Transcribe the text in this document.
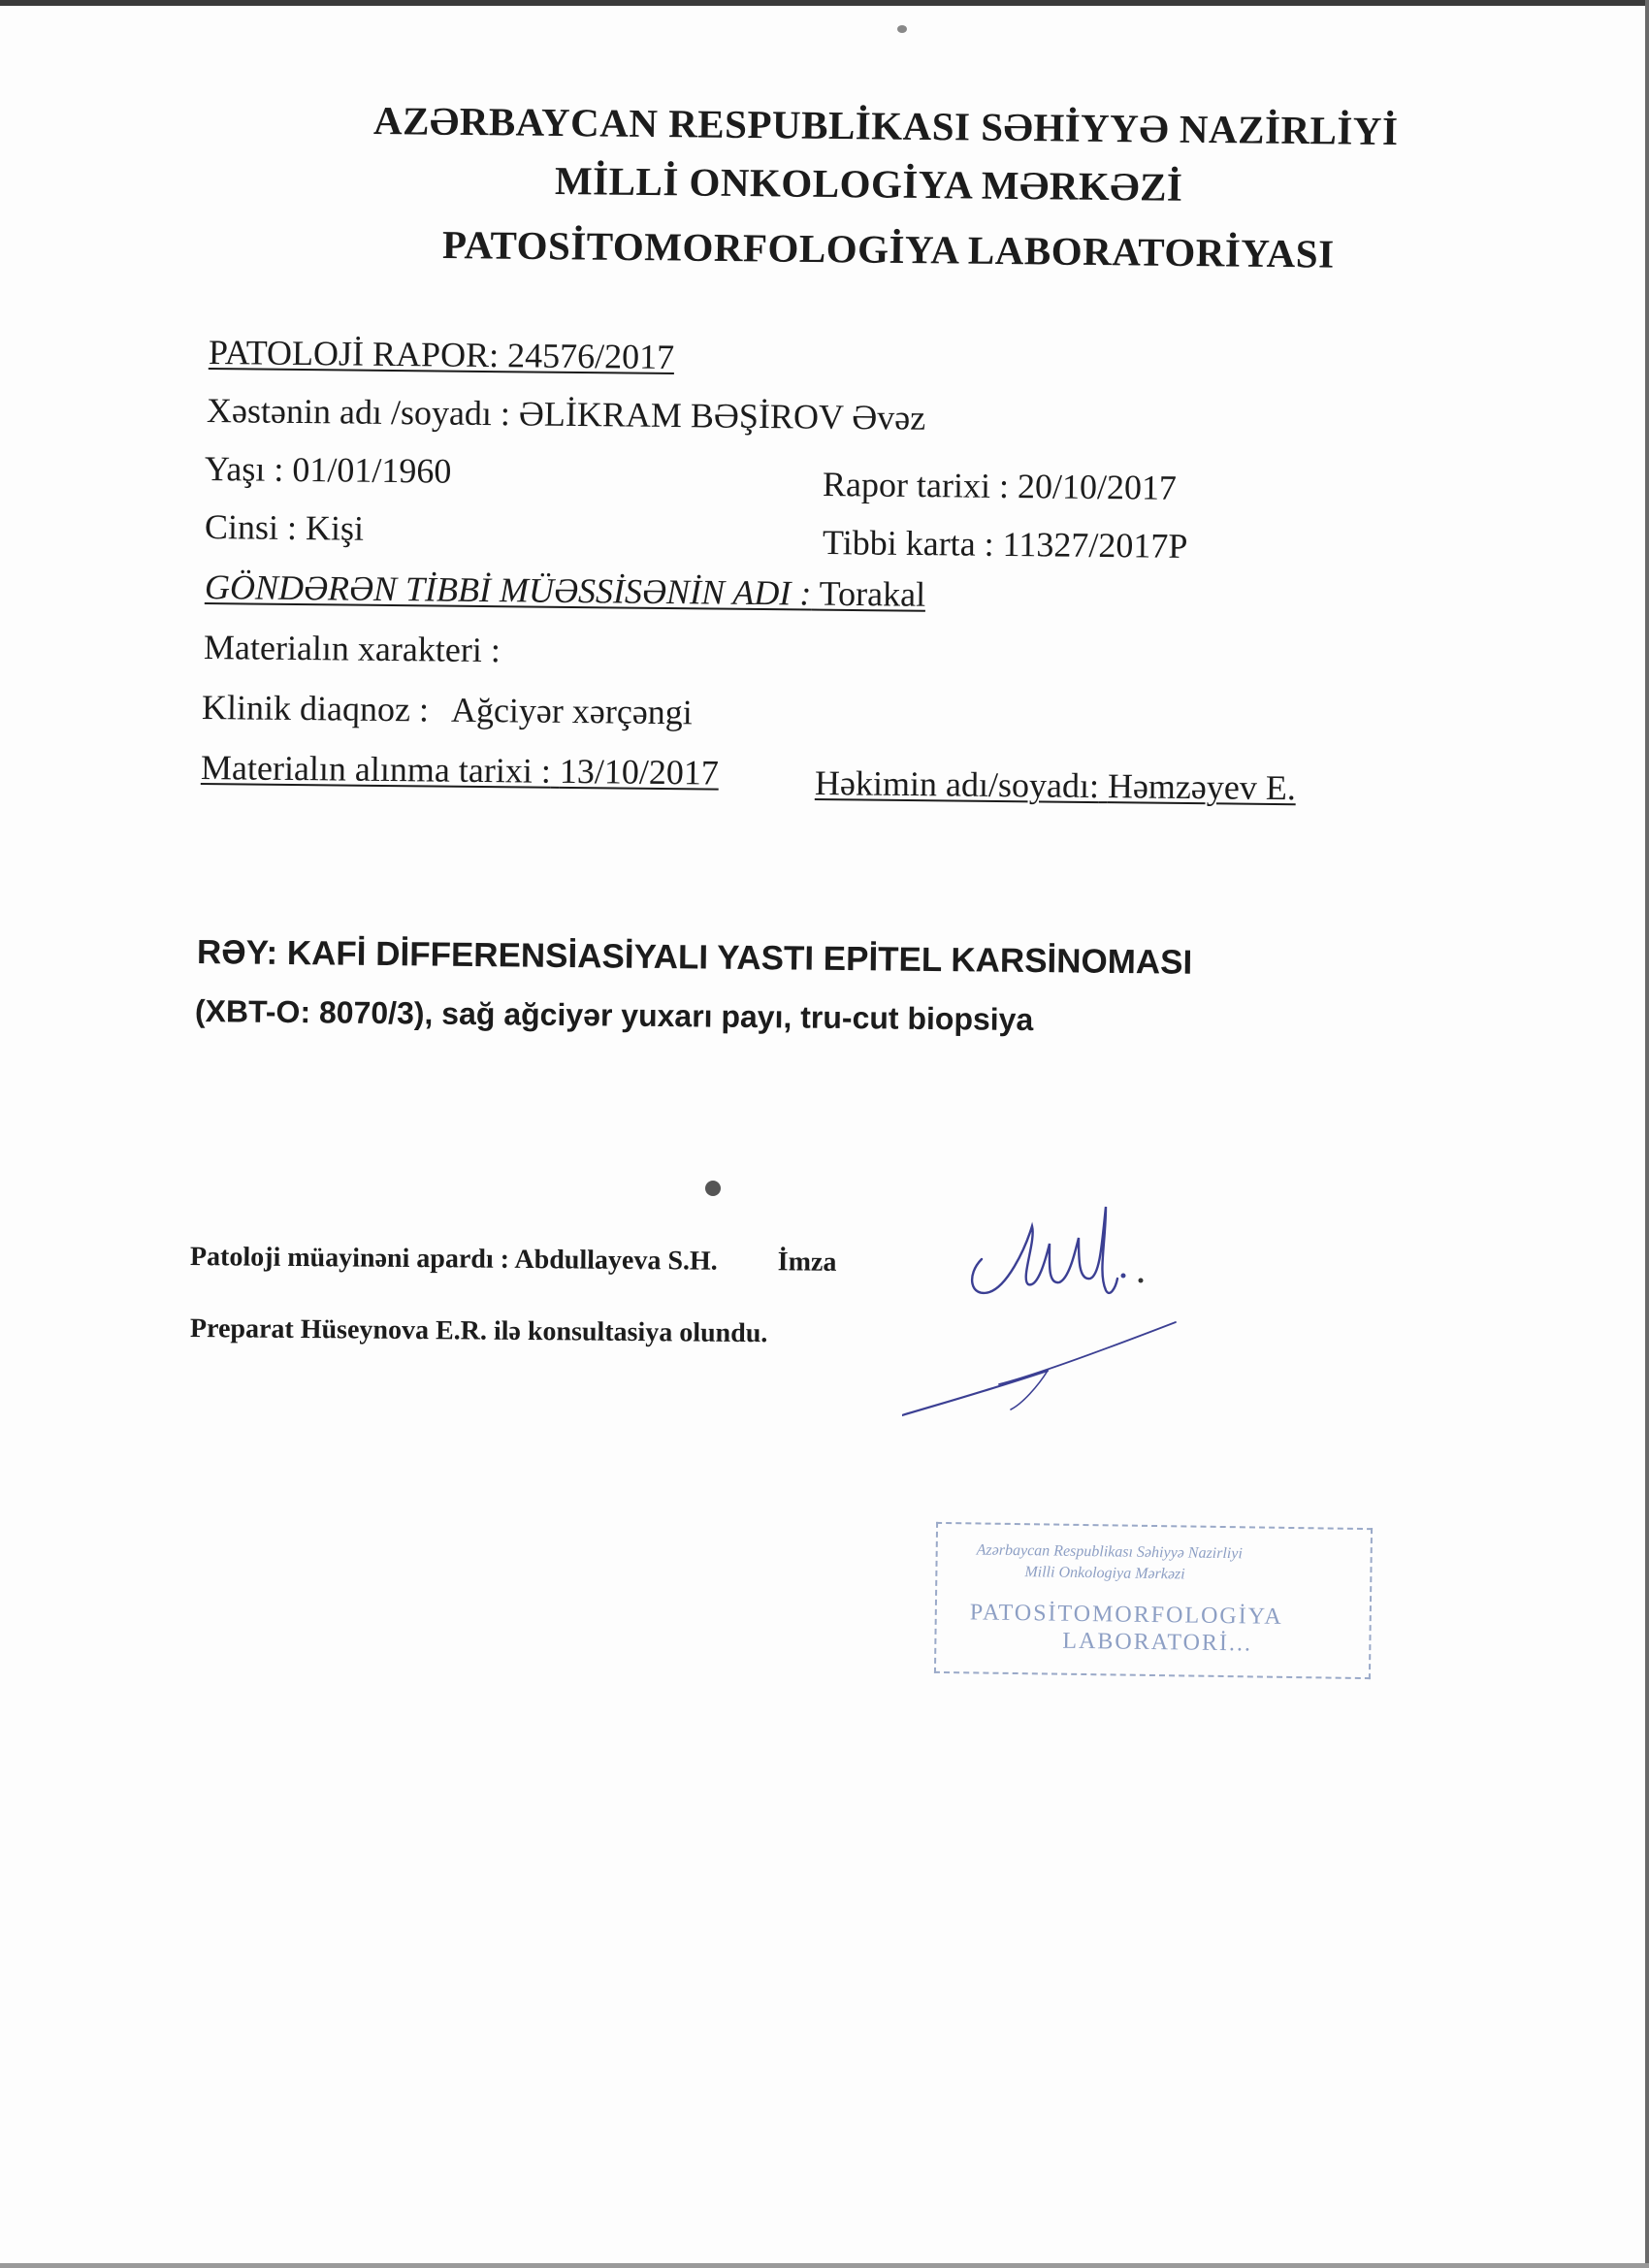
AZƏRBAYCAN RESPUBLİKASI SƏHİYYƏ NAZİRLİYİ
MİLLİ ONKOLOGİYA MƏRKƏZİ
PATOSİTOMORFOLOGİYA LABORATORİYASI
PATOLOJİ RAPOR: 24576/2017
Xəstənin adı /soyadı : ƏLİKRAM BƏŞİROV Əvəz
Yaşı : 01/01/1960
Cinsi : Kişi
Rapor tarixi : 20/10/2017
Tibbi karta : 11327/2017P
GÖNDƏRƏN TİBBİ MÜƏSSİSƏNİN ADI : Torakal
Materialın xarakteri :
Klinik diaqnoz : Ağciyər xərçəngi
Materialın alınma tarixi : 13/10/2017	Həkimin adı/soyadı: Həmzəyev E.
RƏY: KAFİ DİFFERENSİASİYALI YASTI EPİTEL KARSİNOMASI
(XBT-O: 8070/3), sağ ağciyər yuxarı payı, tru-cut biopsiya
Patoloji müayinəni apardı : Abdullayeva S.H. İmza
Preparat Hüseynova E.R. ilə konsultasiya olundu.
Azərbaycan Respublikası Səhiyyə Nazirliyi
Milli Onkologiya Mərkəzi
PATOSİTOMORFOLOGİYA
LABORATORİ...
